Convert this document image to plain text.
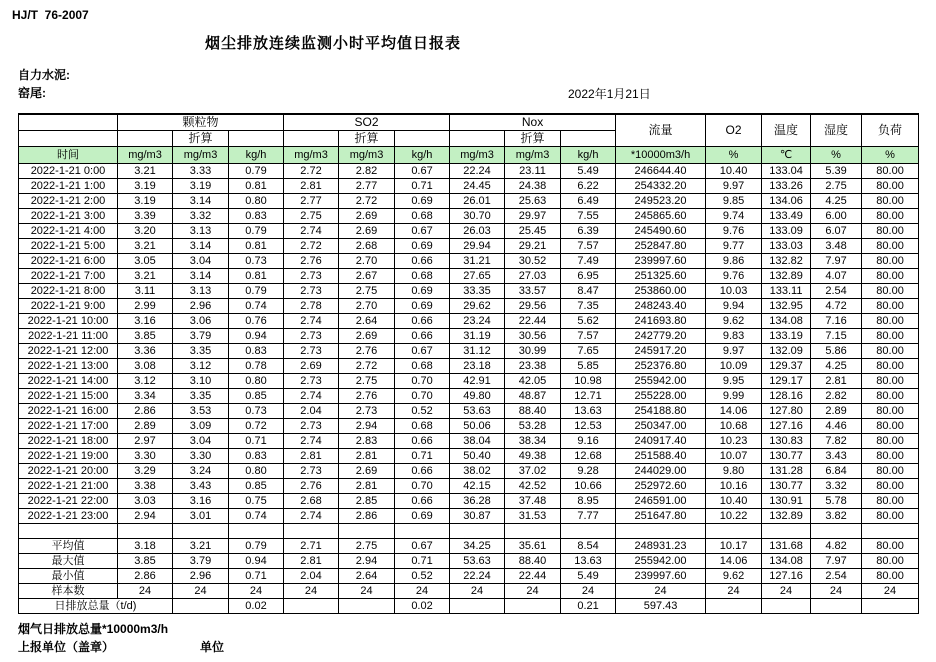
HJ/T  76-2007
烟尘排放连续监测小时平均值日报表
自力水泥:
窑尾:	2022年1月21日
	颗粒物			SO2			Nox			流量	O2	温度	湿度	负荷
		折算			折算			折算						
时间	mg/m3	mg/m3	kg/h	mg/m3	mg/m3	kg/h	mg/m3	mg/m3	kg/h	*10000m3/h	%	℃	%	%
2022-1-21 0:00	3.21	3.33	0.79	2.72	2.82	0.67	22.24	23.11	5.49	246644.40	10.40	133.04	5.39	80.00
2022-1-21 1:00	3.19	3.19	0.81	2.81	2.77	0.71	24.45	24.38	6.22	254332.20	9.97	133.26	2.75	80.00
2022-1-21 2:00	3.19	3.14	0.80	2.77	2.72	0.69	26.01	25.63	6.49	249523.20	9.85	134.06	4.25	80.00
2022-1-21 3:00	3.39	3.32	0.83	2.75	2.69	0.68	30.70	29.97	7.55	245865.60	9.74	133.49	6.00	80.00
2022-1-21 4:00	3.20	3.13	0.79	2.74	2.69	0.67	26.03	25.45	6.39	245490.60	9.76	133.09	6.07	80.00
2022-1-21 5:00	3.21	3.14	0.81	2.72	2.68	0.69	29.94	29.21	7.57	252847.80	9.77	133.03	3.48	80.00
2022-1-21 6:00	3.05	3.04	0.73	2.76	2.70	0.66	31.21	30.52	7.49	239997.60	9.86	132.82	7.97	80.00
2022-1-21 7:00	3.21	3.14	0.81	2.73	2.67	0.68	27.65	27.03	6.95	251325.60	9.76	132.89	4.07	80.00
2022-1-21 8:00	3.11	3.13	0.79	2.73	2.75	0.69	33.35	33.57	8.47	253860.00	10.03	133.11	2.54	80.00
2022-1-21 9:00	2.99	2.96	0.74	2.78	2.70	0.69	29.62	29.56	7.35	248243.40	9.94	132.95	4.72	80.00
2022-1-21 10:00	3.16	3.06	0.76	2.74	2.64	0.66	23.24	22.44	5.62	241693.80	9.62	134.08	7.16	80.00
2022-1-21 11:00	3.85	3.79	0.94	2.73	2.69	0.66	31.19	30.56	7.57	242779.20	9.83	133.19	7.15	80.00
2022-1-21 12:00	3.36	3.35	0.83	2.73	2.76	0.67	31.12	30.99	7.65	245917.20	9.97	132.09	5.86	80.00
2022-1-21 13:00	3.08	3.12	0.78	2.69	2.72	0.68	23.18	23.38	5.85	252376.80	10.09	129.37	4.25	80.00
2022-1-21 14:00	3.12	3.10	0.80	2.73	2.75	0.70	42.91	42.05	10.98	255942.00	9.95	129.17	2.81	80.00
2022-1-21 15:00	3.34	3.35	0.85	2.74	2.76	0.70	49.80	48.87	12.71	255228.00	9.99	128.16	2.82	80.00
2022-1-21 16:00	2.86	3.53	0.73	2.04	2.73	0.52	53.63	88.40	13.63	254188.80	14.06	127.80	2.89	80.00
2022-1-21 17:00	2.89	3.09	0.72	2.73	2.94	0.68	50.06	53.28	12.53	250347.00	10.68	127.16	4.46	80.00
2022-1-21 18:00	2.97	3.04	0.71	2.74	2.83	0.66	38.04	38.34	9.16	240917.40	10.23	130.83	7.82	80.00
2022-1-21 19:00	3.30	3.30	0.83	2.81	2.81	0.71	50.40	49.38	12.68	251588.40	10.07	130.77	3.43	80.00
2022-1-21 20:00	3.29	3.24	0.80	2.73	2.69	0.66	38.02	37.02	9.28	244029.00	9.80	131.28	6.84	80.00
2022-1-21 21:00	3.38	3.43	0.85	2.76	2.81	0.70	42.15	42.52	10.66	252972.60	10.16	130.77	3.32	80.00
2022-1-21 22:00	3.03	3.16	0.75	2.68	2.85	0.66	36.28	37.48	8.95	246591.00	10.40	130.91	5.78	80.00
2022-1-21 23:00	2.94	3.01	0.74	2.74	2.86	0.69	30.87	31.53	7.77	251647.80	10.22	132.89	3.82	80.00

平均值	3.18	3.21	0.79	2.71	2.75	0.67	34.25	35.61	8.54	248931.23	10.17	131.68	4.82	80.00
最大值	3.85	3.79	0.94	2.81	2.94	0.71	53.63	88.40	13.63	255942.00	14.06	134.08	7.97	80.00
最小值	2.86	2.96	0.71	2.04	2.64	0.52	22.24	22.44	5.49	239997.60	9.62	127.16	2.54	80.00
样本数	24	24	24	24	24	24	24	24	24	24	24	24	24	24
日排放总量（t/d)			0.02			0.02			0.21	597.43				
烟气日排放总量*10000m3/h
上报单位（盖章）	单位
